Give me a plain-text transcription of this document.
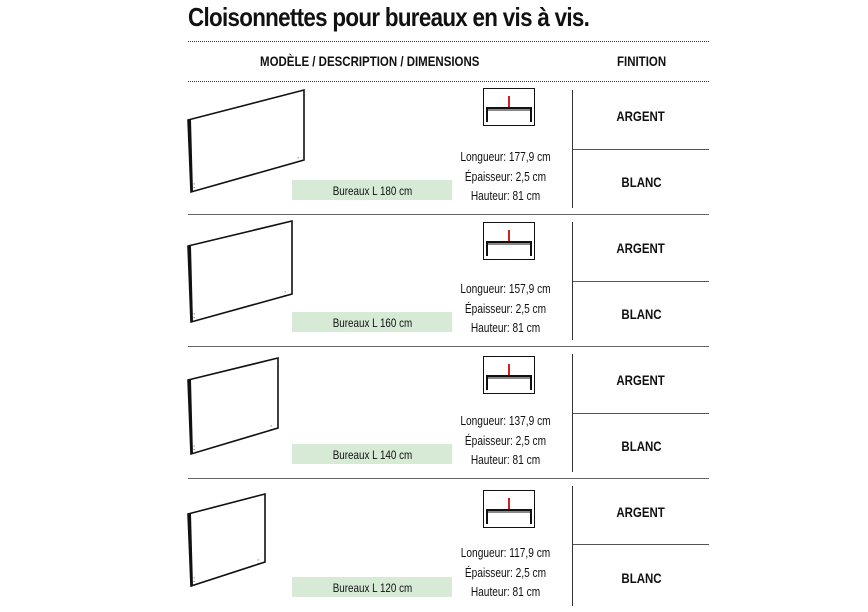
Cloisonnettes pour bureaux en vis à vis.
MODÈLE / DESCRIPTION / DIMENSIONS	FINITION
:
:
Bureaux L 180 cm
Longueur: 177,9 cm
Épaisseur: 2,5 cm
Hauteur: 81 cm
ARGENT
BLANC
:
:
Bureaux L 160 cm
Longueur: 157,9 cm
Épaisseur: 2,5 cm
Hauteur: 81 cm
ARGENT
BLANC
:
:
Bureaux L 140 cm
Longueur: 137,9 cm
Épaisseur: 2,5 cm
Hauteur: 81 cm
ARGENT
BLANC
:
:
Bureaux L 120 cm
Longueur: 117,9 cm
Épaisseur: 2,5 cm
Hauteur: 81 cm
ARGENT
BLANC
